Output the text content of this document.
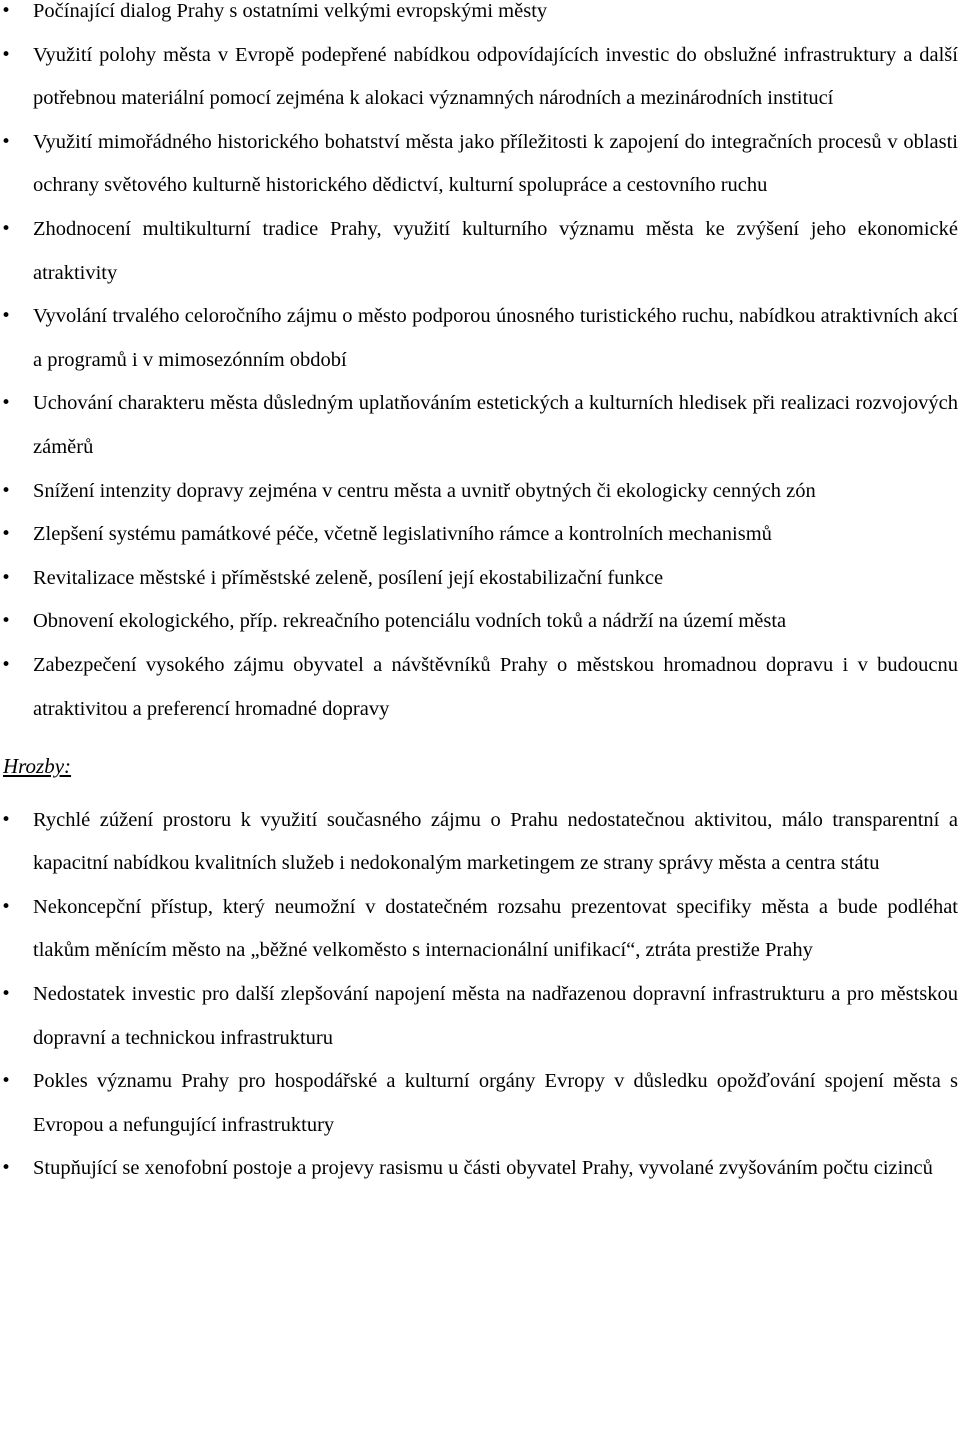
• Počínající dialog Prahy s ostatními velkými evropskými městy
• Využití polohy města v Evropě podepřené nabídkou odpovídajících investic do obslužné infrastruktury a další potřebnou materiální pomocí zejména k alokaci významných národních a mezinárodních institucí
• Využití mimořádného historického bohatství města jako příležitosti k zapojení do integračních procesů v oblasti ochrany světového kulturně historického dědictví, kulturní spolupráce a cestovního ruchu
• Zhodnocení multikulturní tradice Prahy, využití kulturního významu města ke zvýšení jeho ekonomické atraktivity
• Vyvolání trvalého celoročního zájmu o město podporou únosného turistického ruchu, nabídkou atraktivních akcí a programů i v mimosezónním období
• Uchování charakteru města důsledným uplatňováním estetických a kulturních hledisek při realizaci rozvojových záměrů
• Snížení intenzity dopravy zejména v centru města a uvnitř obytných či ekologicky cenných zón
• Zlepšení systému památkové péče, včetně legislativního rámce a kontrolních mechanismů
• Revitalizace městské i příměstské zeleně, posílení její ekostabilizační funkce
• Obnovení ekologického, příp. rekreačního potenciálu vodních toků a nádrží na území města
• Zabezpečení vysokého zájmu obyvatel a návštěvníků Prahy o městskou hromadnou dopravu i v budoucnu atraktivitou a preferencí hromadné dopravy
Hrozby:
• Rychlé zúžení prostoru k využití současného zájmu o Prahu nedostatečnou aktivitou, málo transparentní a kapacitní nabídkou kvalitních služeb i nedokonalým marketingem ze strany správy města a centra státu
• Nekoncepční přístup, který neumožní v dostatečném rozsahu prezentovat specifiky města a bude podléhat tlakům měnícím město na „běžné velkoměsto s internacionální unifikací“, ztráta prestiže Prahy
• Nedostatek investic pro další zlepšování napojení města na nadřazenou dopravní infrastrukturu a pro městskou dopravní a technickou infrastrukturu
• Pokles významu Prahy pro hospodářské a kulturní orgány Evropy v důsledku opožďování spojení města s Evropou a nefungující infrastruktury
• Stupňující se xenofobní postoje a projevy rasismu u části obyvatel Prahy, vyvolané zvyšováním počtu cizinců
